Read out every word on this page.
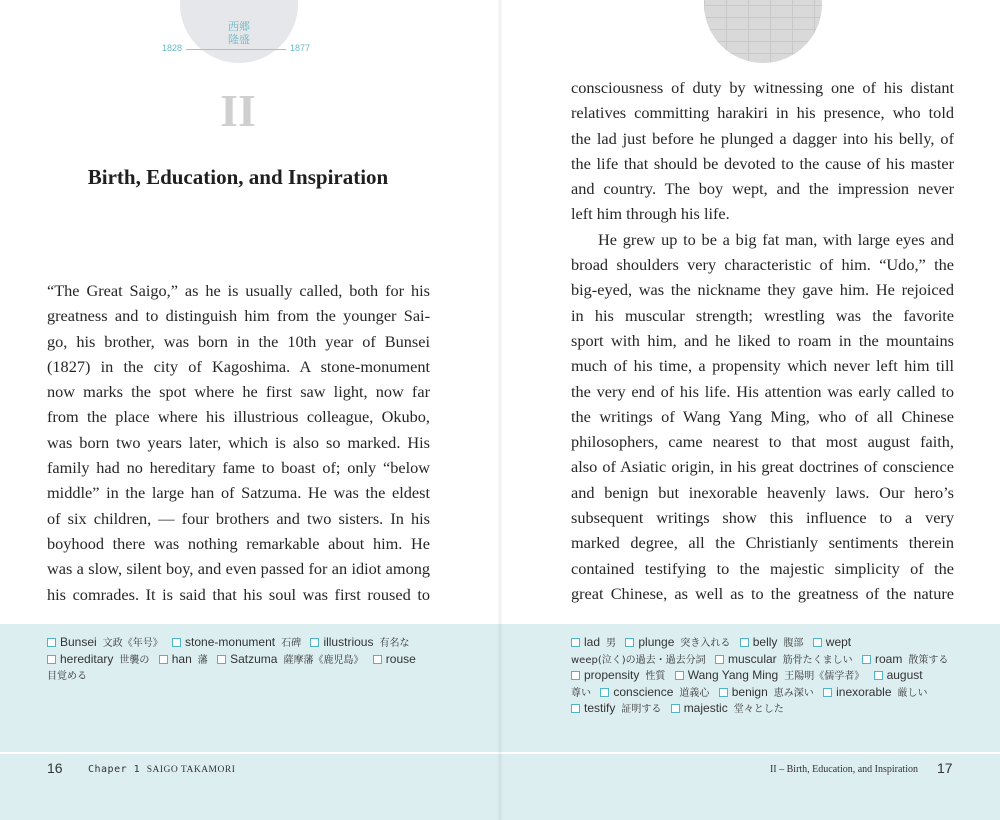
西郷
隆盛
1828	1877
II
Birth, Education, and Inspiration
“The Great Saigo,” as he is usually called, both for his
greatness and to distinguish him from the younger Sai-
go, his brother, was born in the 10th year of Bunsei
(1827) in the city of Kagoshima. A stone-monument
now marks the spot where he first saw light, now far
from the place where his illustrious colleague, Okubo,
was born two years later, which is also so marked. His
family had no hereditary fame to boast of; only “below
middle” in the large han of Satzuma. He was the eldest
of six children, — four brothers and two sisters. In his
boyhood there was nothing remarkable about him. He
was a slow, silent boy, and even passed for an idiot among
his comrades. It is said that his soul was first roused to
Bunsei 文政《年号》 stone-monument 石碑 illustrious 有名な
hereditary 世襲の han 藩 Satzuma 薩摩藩《鹿児島》 rouse
目覚める
16	Chaper 1 SAIGO TAKAMORI
consciousness of duty by witnessing one of his distant
relatives committing harakiri in his presence, who told
the lad just before he plunged a dagger into his belly, of
the life that should be devoted to the cause of his master
and country. The boy wept, and the impression never
left him through his life.
He grew up to be a big fat man, with large eyes and
broad shoulders very characteristic of him. “Udo,” the
big-eyed, was the nickname they gave him. He rejoiced
in his muscular strength; wrestling was the favorite
sport with him, and he liked to roam in the mountains
much of his time, a propensity which never left him till
the very end of his life. His attention was early called to
the writings of Wang Yang Ming, who of all Chinese
philosophers, came nearest to that most august faith,
also of Asiatic origin, in his great doctrines of conscience
and benign but inexorable heavenly laws. Our hero’s
subsequent writings show this influence to a very
marked degree, all the Christianly sentiments therein
contained testifying to the majestic simplicity of the
great Chinese, as well as to the greatness of the nature
lad 男 plunge 突き入れる belly 腹部 wept
weep(泣く)の過去・過去分詞 muscular 筋骨たくましい roam 散策する
propensity 性質 Wang Yang Ming 王陽明《儒学者》 august
尊い conscience 道義心 benign 恵み深い inexorable 厳しい
testify 証明する majestic 堂々とした
II – Birth, Education, and Inspiration 17
